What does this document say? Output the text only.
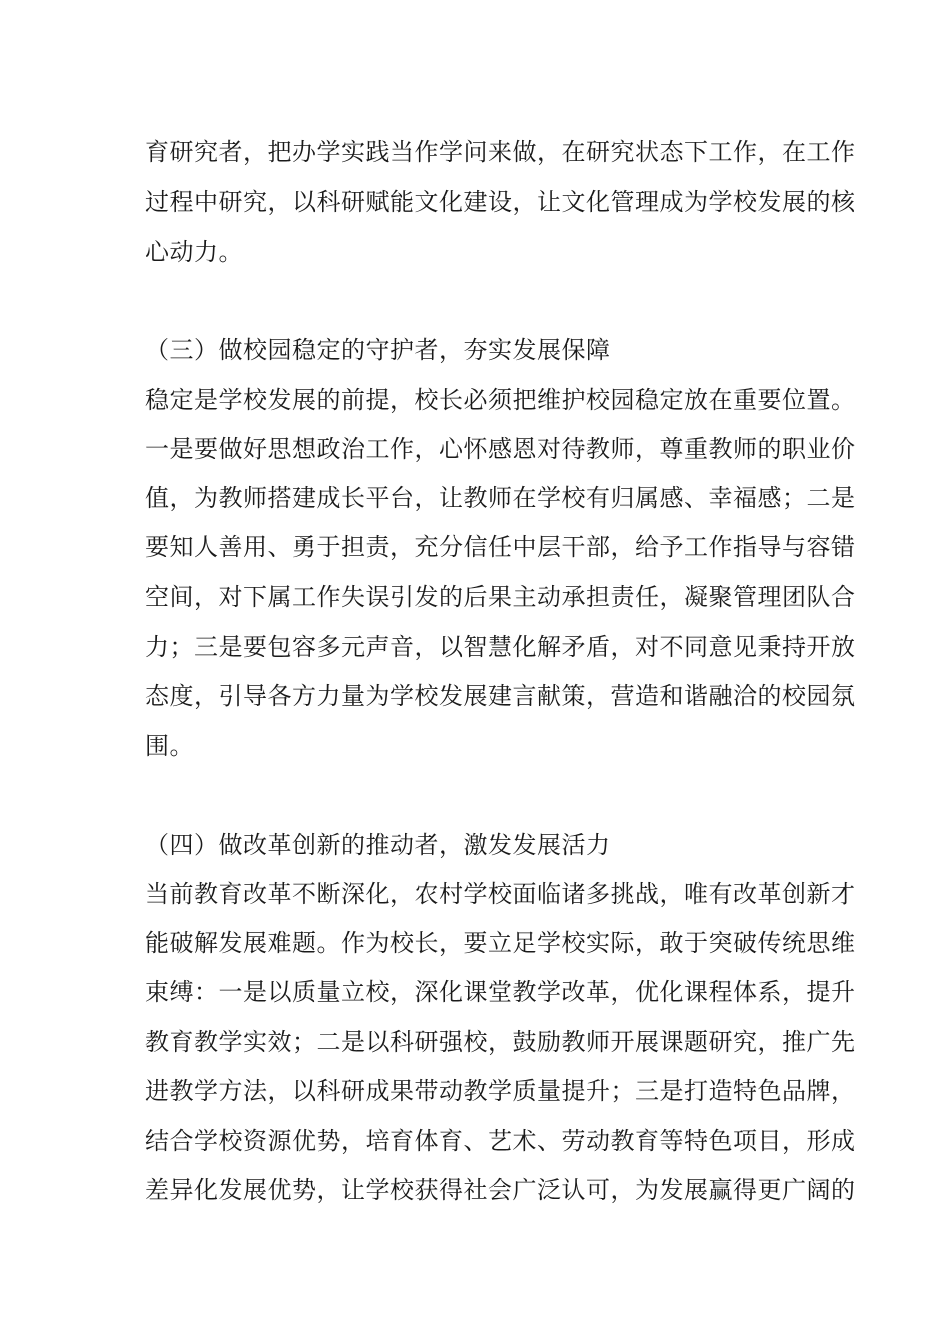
育研究者，把办学实践当作学问来做，在研究状态下工作，在工作
过程中研究，以科研赋能文化建设，让文化管理成为学校发展的核
心动力。
（三）做校园稳定的守护者，夯实发展保障
稳定是学校发展的前提，校长必须把维护校园稳定放在重要位置。
一是要做好思想政治工作，心怀感恩对待教师，尊重教师的职业价
值，为教师搭建成长平台，让教师在学校有归属感、幸福感；二是
要知人善用、勇于担责，充分信任中层干部，给予工作指导与容错
空间，对下属工作失误引发的后果主动承担责任，凝聚管理团队合
力；三是要包容多元声音，以智慧化解矛盾，对不同意见秉持开放
态度，引导各方力量为学校发展建言献策，营造和谐融洽的校园氛
围。
（四）做改革创新的推动者，激发发展活力
当前教育改革不断深化，农村学校面临诸多挑战，唯有改革创新才
能破解发展难题。作为校长，要立足学校实际，敢于突破传统思维
束缚：一是以质量立校，深化课堂教学改革，优化课程体系，提升
教育教学实效；二是以科研强校，鼓励教师开展课题研究，推广先
进教学方法，以科研成果带动教学质量提升；三是打造特色品牌，
结合学校资源优势，培育体育、艺术、劳动教育等特色项目，形成
差异化发展优势，让学校获得社会广泛认可，为发展赢得更广阔的
